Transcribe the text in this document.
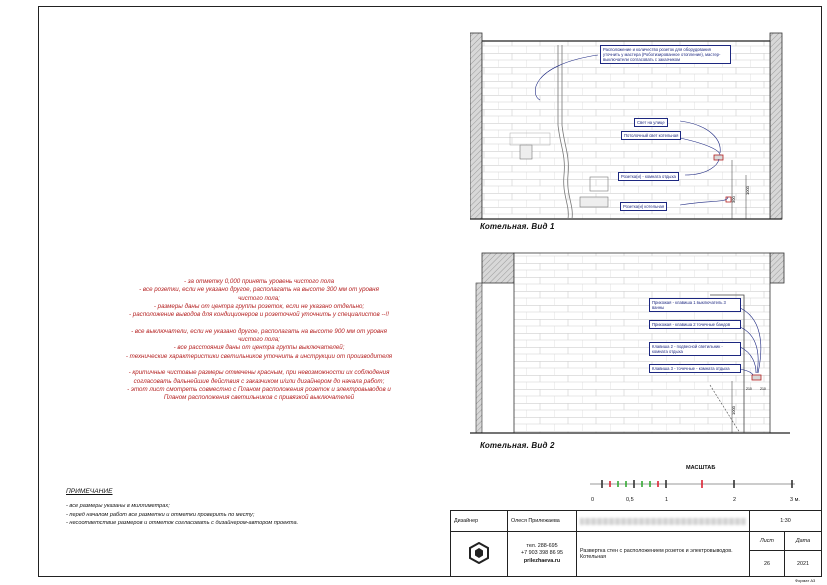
- за отметку 0,000 принять уровень чистого пола
- все розетки, если не указано другое, располагать на высоте 300 мм от уровня
чистого пола;
- размеры даны от центра группы розеток, если не указано отдельно;
- расположение выводов для кондиционеров и розеточной уточнить у специалистов --!!

- все выключатели, если не указано другое, располагать на высоте 900 мм от уровня
чистого пола;
- все расстояния даны от центра группы выключателей;
- технические характеристики светильников уточнить в инструкции от производителя

- критичные чистовые размеры отмечены красным, при невозможности их соблюдения
согласовать дальнейшие действия с заказчиком и/или дизайнером до начала работ;
- этот лист смотреть совместно с Планом расположения розеток и электровыводов и
Планом расположения светильников с привязкой выключателей
ПРИМЕЧАНИЕ
- все размеры указаны в миллиметрах;
- перед началом работ все разметки и отметки проверить по месту;
- несоответствие размеров и отметок согласовать с дизайнером-автором проекта.
300
1000
1000
210 210
Расположение и количество розеток для оборудования уточнить у мастера (Роботизированное отопление), мастер-выключатели согласовать с заказчиком
Свет на улице
Потолочный свет котельная
Розетка(и) - комната отдыха
Розетка(и) котельная
Котельная. Вид 1
Прихожая - клавиша 1 выключатель 3 ванны
Прихожая - клавиша 2 точечные бандов
Клавиша 2 - подвесной светильник - комната отдыха
Клавиша 3 - точечные - комната отдыха
Котельная. Вид 2
МАСШТАБ
0	0,5	1	2	3 м.
Дизайнер	Олеся Прилежаева		1:30	

тел. 288-695
+7 903 398 86 95
prilezhaeva.ru	Развертка стен с расположением розеток и электровыводов. Котельная	Лист	Дата
			26	2021
Формат А3
